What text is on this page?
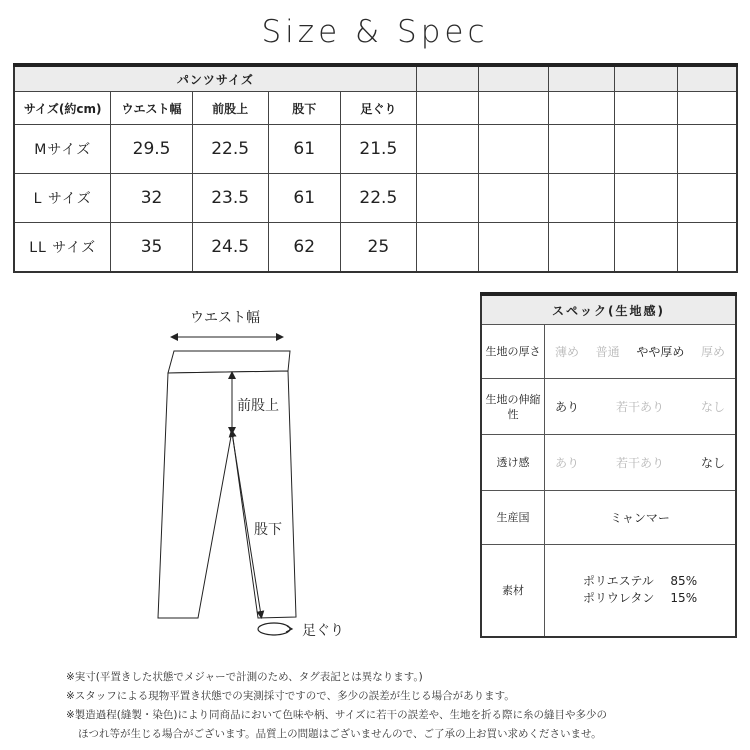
Size & Spec
パンツサイズ									
サイズ(約cm)	ウエスト幅	前股上	股下	足ぐり					
Mサイズ	29.5	22.5	61	21.5					
L サイズ	32	23.5	61	22.5					
LL サイズ	35	24.5	62	25					
ウエスト幅
前股上
股下
足ぐり
スペック(生地感)	
生地の厚さ	薄め 普通 やや厚め 厚め

生地の伸縮性	あり 若干あり なし

透け感	あり 若干あり なし

生産国	ミャンマー
素材	ポリエステル 85%
ポリウレタン 15%
※実寸(平置きした状態でメジャーで計測のため、タグ表記とは異なります。)
※スタッフによる現物平置き状態での実測採寸ですので、多少の誤差が生じる場合があります。
※製造過程(縫製・染色)により同商品において色味や柄、サイズに若干の誤差や、生地を折る際に糸の縫目や多少の
ほつれ等が生じる場合がございます。品質上の問題はございませんので、ご了承の上お買い求めくださいませ。
